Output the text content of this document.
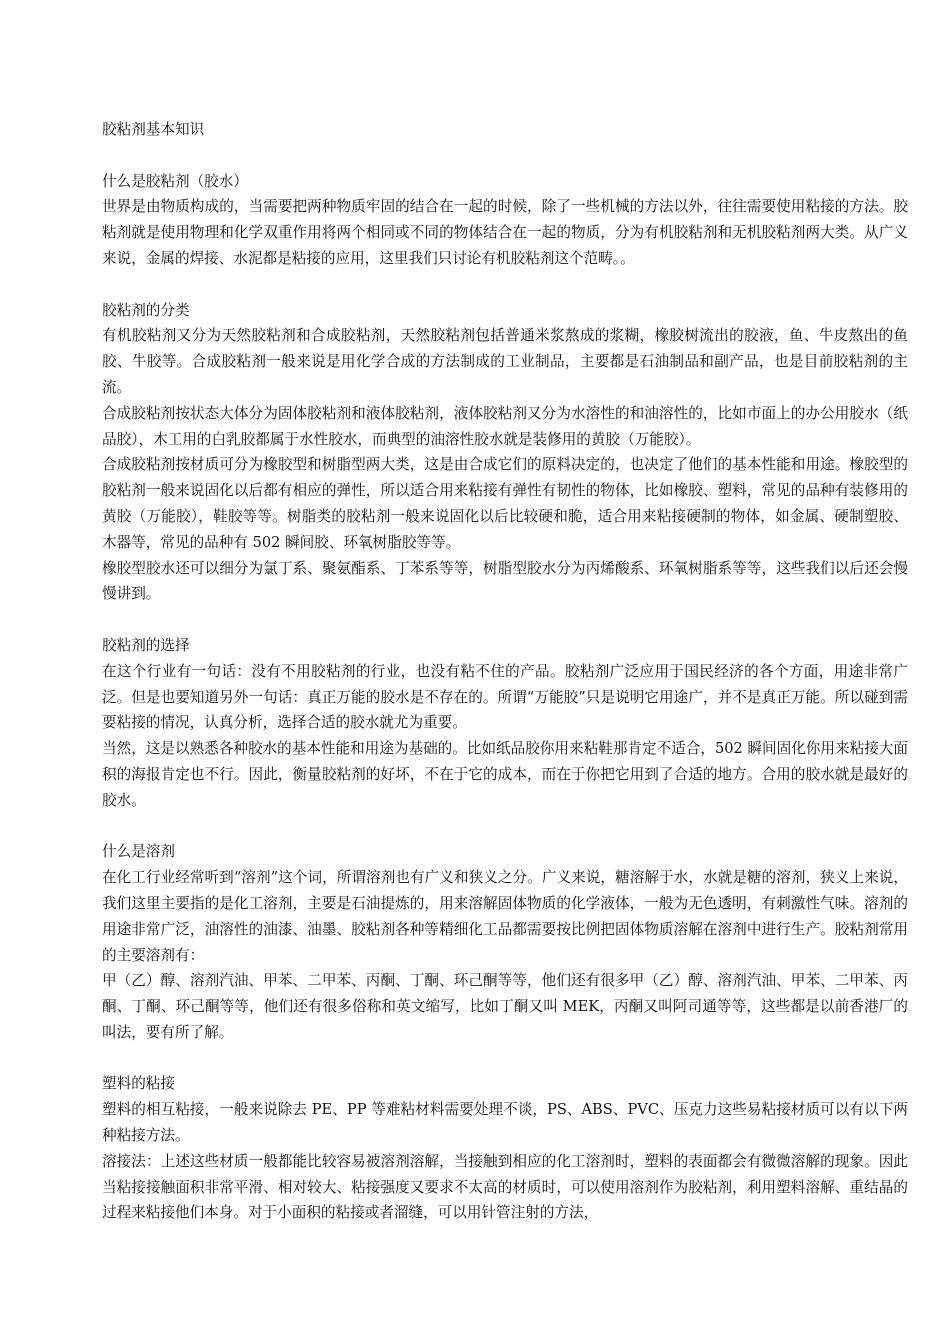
胶粘剂基本知识
什么是胶粘剂（胶水）

世界是由物质构成的，当需要把两种物质牢固的结合在一起的时候，除了一些机械的方法以外，往往需要使用粘接的方法。胶粘剂就是使用物理和化学双重作用将两个相同或不同的物体结合在一起的物质，分为有机胶粘剂和无机胶粘剂两大类。从广义来说，金属的焊接、水泥都是粘接的应用，这里我们只讨论有机胶粘剂这个范畴。。

胶粘剂的分类

有机胶粘剂又分为天然胶粘剂和合成胶粘剂，天然胶粘剂包括普通米浆熬成的浆糊，橡胶树流出的胶液，鱼、牛皮熬出的鱼胶、牛胶等。合成胶粘剂一般来说是用化学合成的方法制成的工业制品，主要都是石油制品和副产品，也是目前胶粘剂的主流。

合成胶粘剂按状态大体分为固体胶粘剂和液体胶粘剂，液体胶粘剂又分为水溶性的和油溶性的，比如市面上的办公用胶水（纸品胶），木工用的白乳胶都属于水性胶水，而典型的油溶性胶水就是装修用的黄胶（万能胶）。

合成胶粘剂按材质可分为橡胶型和树脂型两大类，这是由合成它们的原料决定的，也决定了他们的基本性能和用途。橡胶型的胶粘剂一般来说固化以后都有相应的弹性，所以适合用来粘接有弹性有韧性的物体，比如橡胶、塑料，常见的品种有装修用的黄胶（万能胶），鞋胶等等。树脂类的胶粘剂一般来说固化以后比较硬和脆，适合用来粘接硬制的物体，如金属、硬制塑胶、木器等，常见的品种有 502 瞬间胶、环氧树脂胶等等。

橡胶型胶水还可以细分为氯丁系、聚氨酯系、丁苯系等等，树脂型胶水分为丙烯酸系、环氧树脂系等等，这些我们以后还会慢慢讲到。

胶粘剂的选择

在这个行业有一句话：没有不用胶粘剂的行业，也没有粘不住的产品。胶粘剂广泛应用于国民经济的各个方面，用途非常广泛。但是也要知道另外一句话：真正万能的胶水是不存在的。所谓“万能胶”只是说明它用途广，并不是真正万能。所以碰到需要粘接的情况，认真分析，选择合适的胶水就尤为重要。

当然，这是以熟悉各种胶水的基本性能和用途为基础的。比如纸品胶你用来粘鞋那肯定不适合，502 瞬间固化你用来粘接大面积的海报肯定也不行。因此，衡量胶粘剂的好坏，不在于它的成本，而在于你把它用到了合适的地方。合用的胶水就是最好的胶水。

什么是溶剂

在化工行业经常听到“溶剂”这个词，所谓溶剂也有广义和狭义之分。广义来说，糖溶解于水，水就是糖的溶剂，狭义上来说，我们这里主要指的是化工溶剂，主要是石油提炼的，用来溶解固体物质的化学液体，一般为无色透明，有刺激性气味。溶剂的用途非常广泛，油溶性的油漆、油墨、胶粘剂各种等精细化工品都需要按比例把固体物质溶解在溶剂中进行生产。胶粘剂常用的主要溶剂有：

甲（乙）醇、溶剂汽油、甲苯、二甲苯、丙酮、丁酮、环己酮等等，他们还有很多甲（乙）醇、溶剂汽油、甲苯、二甲苯、丙酮、丁酮、环己酮等等，他们还有很多俗称和英文缩写，比如丁酮又叫 MEK，丙酮又叫阿司通等等，这些都是以前香港厂的叫法，要有所了解。

塑料的粘接

塑料的相互粘接，一般来说除去 PE、PP 等难粘材料需要处理不谈，PS、ABS、PVC、压克力这些易粘接材质可以有以下两种粘接方法。

溶接法：上述这些材质一般都能比较容易被溶剂溶解，当接触到相应的化工溶剂时，塑料的表面都会有微微溶解的现象。因此当粘接接触面积非常平滑、相对较大、粘接强度又要求不太高的材质时，可以使用溶剂作为胶粘剂，利用塑料溶解、重结晶的过程来粘接他们本身。对于小面积的粘接或者溜缝，可以用针管注射的方法，
